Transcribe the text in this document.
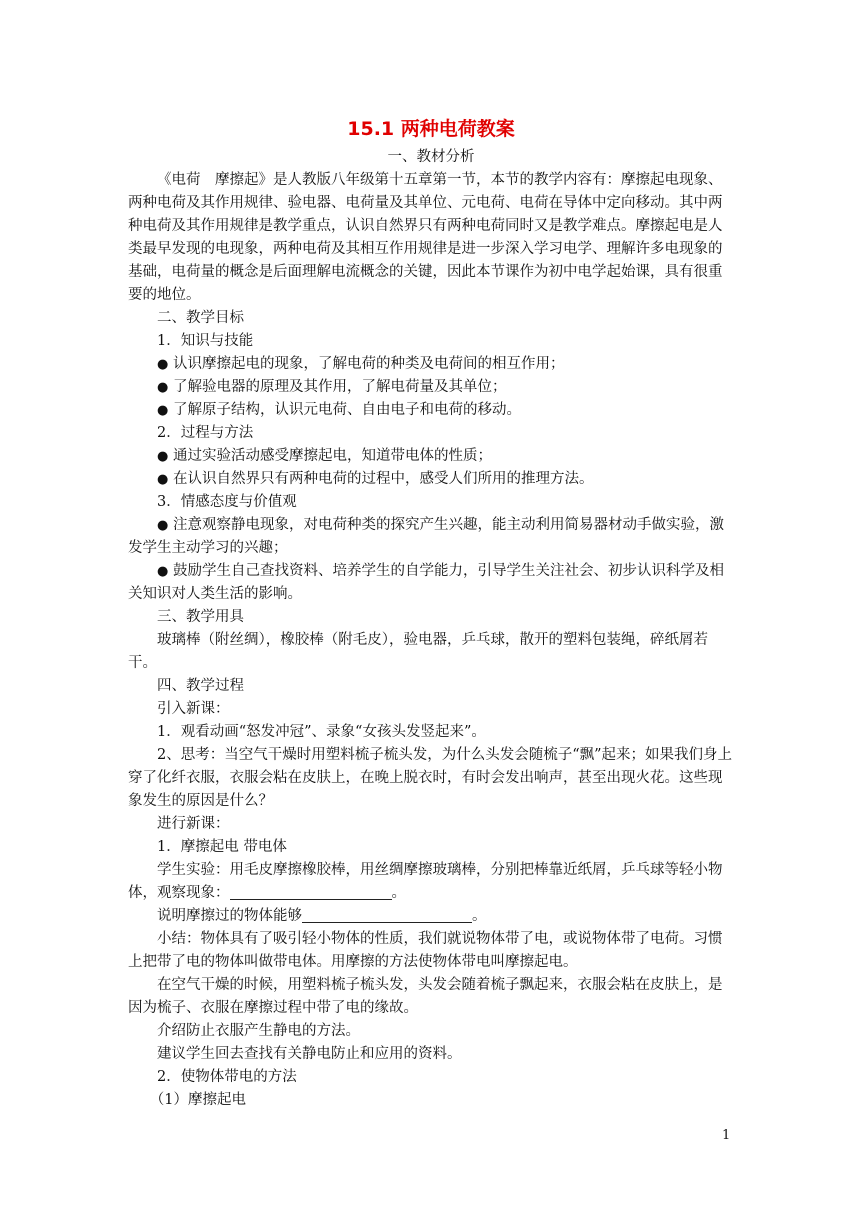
15.1 两种电荷教案

一、教材分析

《电荷　摩擦起》是人教版八年级第十五章第一节，本节的教学内容有：摩擦起电现象、两种电荷及其作用规律、验电器、电荷量及其单位、元电荷、电荷在导体中定向移动。其中两种电荷及其作用规律是教学重点，认识自然界只有两种电荷同时又是教学难点。摩擦起电是人类最早发现的电现象，两种电荷及其相互作用规律是进一步深入学习电学、理解许多电现象的基础，电荷量的概念是后面理解电流概念的关键，因此本节课作为初中电学起始课，具有很重要的地位。

二、教学目标

1．知识与技能

● 认识摩擦起电的现象，了解电荷的种类及电荷间的相互作用；

● 了解验电器的原理及其作用，了解电荷量及其单位；

● 了解原子结构，认识元电荷、自由电子和电荷的移动。

2．过程与方法

● 通过实验活动感受摩擦起电，知道带电体的性质；

● 在认识自然界只有两种电荷的过程中，感受人们所用的推理方法。

3．情感态度与价值观

● 注意观察静电现象，对电荷种类的探究产生兴趣，能主动利用简易器材动手做实验，激发学生主动学习的兴趣；

● 鼓励学生自己查找资料、培养学生的自学能力，引导学生关注社会、初步认识科学及相关知识对人类生活的影响。

三、教学用具

玻璃棒（附丝绸），橡胶棒（附毛皮），验电器，乒乓球，散开的塑料包装绳，碎纸屑若干。

四、教学过程

引入新课：

1．观看动画“怒发冲冠”、录象“女孩头发竖起来”。

2、思考：当空气干燥时用塑料梳子梳头发，为什么头发会随梳子“飘”起来；如果我们身上穿了化纤衣服，衣服会粘在皮肤上，在晚上脱衣时，有时会发出响声，甚至出现火花。这些现象发生的原因是什么？

进行新课：

1．摩擦起电 带电体

学生实验：用毛皮摩擦橡胶棒，用丝绸摩擦玻璃棒，分别把棒靠近纸屑，乒乓球等轻小物体，观察现象：	。

说明摩擦过的物体能够	。

小结：物体具有了吸引轻小物体的性质，我们就说物体带了电，或说物体带了电荷。习惯上把带了电的物体叫做带电体。用摩擦的方法使物体带电叫摩擦起电。

在空气干燥的时候，用塑料梳子梳头发，头发会随着梳子飘起来，衣服会粘在皮肤上，是因为梳子、衣服在摩擦过程中带了电的缘故。

介绍防止衣服产生静电的方法。

建议学生回去查找有关静电防止和应用的资料。

2．使物体带电的方法

（1）摩擦起电

1
